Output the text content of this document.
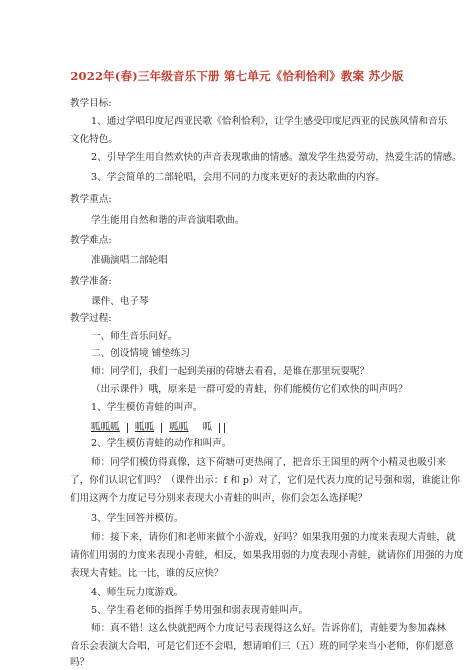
2022年(春)三年级音乐下册 第七单元《恰利恰利》教案 苏少版
教学目标:
1、通过学唱印度尼西亚民歌《恰利恰利》，让学生感受印度尼西亚的民族风情和音乐
文化特色。
2、引导学生用自然欢快的声音表现歌曲的情感。激发学生热爱劳动，热爱生活的情感。
3、学会简单的二部轮唱，会用不同的力度来更好的表达歌曲的内容。
教学重点:
学生能用自然和谐的声音演唱歌曲。
教学难点:
准确演唱二部轮唱
教学准备:
课件、电子琴
教学过程:
一、师生音乐问好。
二、创设情境 铺垫练习
师：同学们，我们一起到美丽的荷塘去看看，是谁在那里玩耍呢？
（出示课件）哦，原来是一群可爱的青蛙，你们能模仿它们欢快的叫声吗？
1、学生模仿青蛙的叫声。
呱呱呱 呱呱 呱呱 呱
2、学生模仿青蛙的动作和叫声。
师：同学们模仿得真像，这下荷塘可更热闹了，把音乐王国里的两个小精灵也吸引来
了，你们认识它们吗？（课件出示：f 和 p）对了，它们是代表力度的记号强和弱，谁能让你
们用这两个力度记号分别来表现大小青蛙的叫声，你们会怎么选择呢？
3、学生回答并模仿。
师：接下来，请你们和老师来做个小游戏，好吗？如果我用强的力度来表现大青蛙，就
请你们用弱的力度来表现小青蛙，相反，如果我用弱的力度表现小青蛙，就请你们用强的力度
表现大青蛙。比一比，谁的反应快？
4、师生玩力度游戏。
5、学生看老师的指挥手势用强和弱表现青蛙叫声。
师：真不错！这么快就把两个力度记号表现得这么好。告诉你们，青蛙要为参加森林
音乐会表演大合唱，可是它们还不会唱，想请咱们三（五）班的同学来当小老师，你们愿意
吗？
